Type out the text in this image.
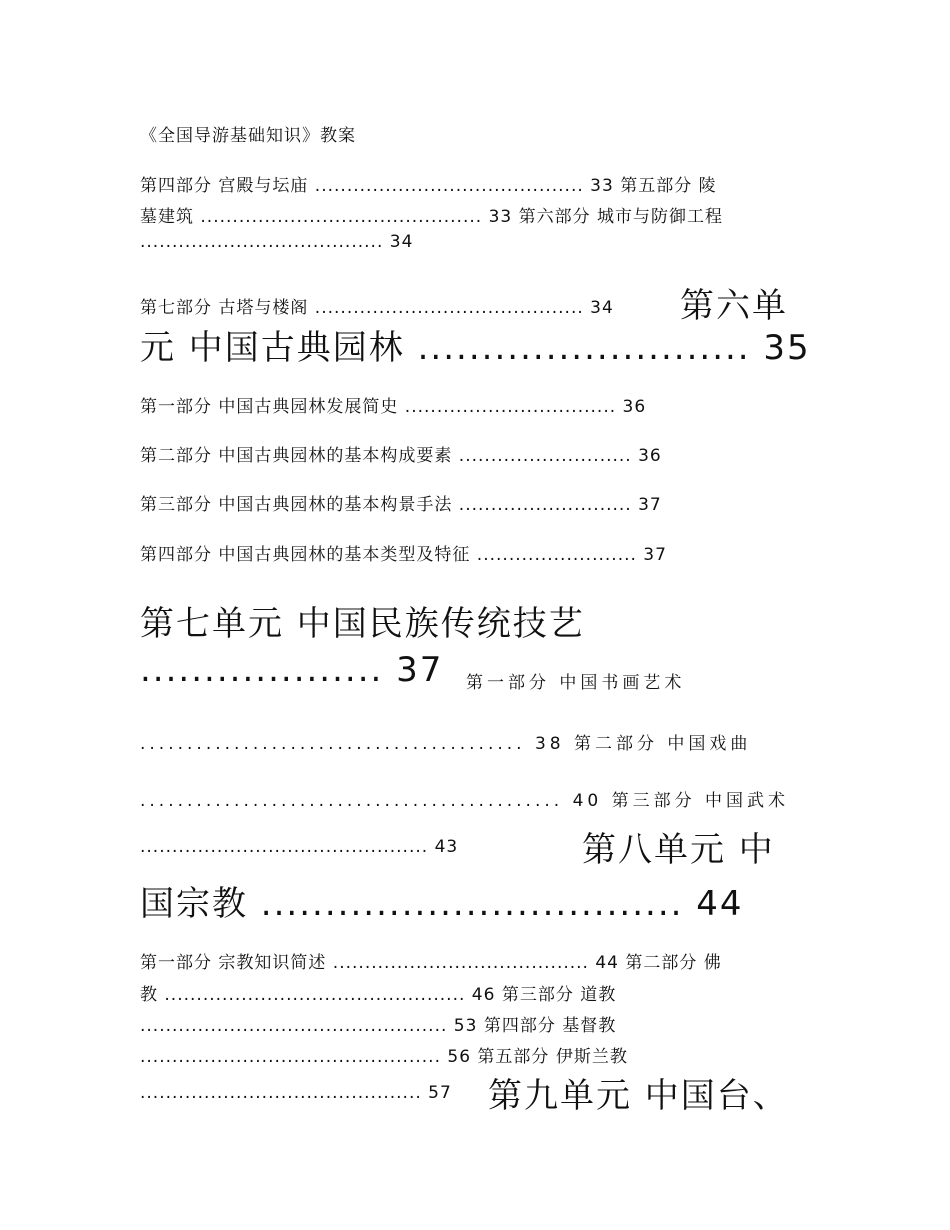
《全国导游基础知识》教案
第四部分 宫殿与坛庙 .......................................... 33 第五部分 陵
墓建筑 ............................................ 33 第六部分 城市与防御工程
...................................... 34
第七部分 古塔与楼阁 .......................................... 34 第六单
元 中国古典园林 .......................... 35
第一部分 中国古典园林发展简史 ................................. 36
第二部分 中国古典园林的基本构成要素 ........................... 36
第三部分 中国古典园林的基本构景手法 ........................... 37
第四部分 中国古典园林的基本类型及特征 ......................... 37
第七单元 中国民族传统技艺
................... 37 第一部分 中国书画艺术
......................................... 38 第二部分 中国戏曲
............................................. 40 第三部分 中国武术
............................................. 43	第八单元 中
国宗教 ................................. 44
第一部分 宗教知识简述 ........................................ 44 第二部分 佛
教 ............................................... 46 第三部分 道教
................................................ 53 第四部分 基督教
............................................... 56 第五部分 伊斯兰教
............................................ 57 第九单元 中国台、
